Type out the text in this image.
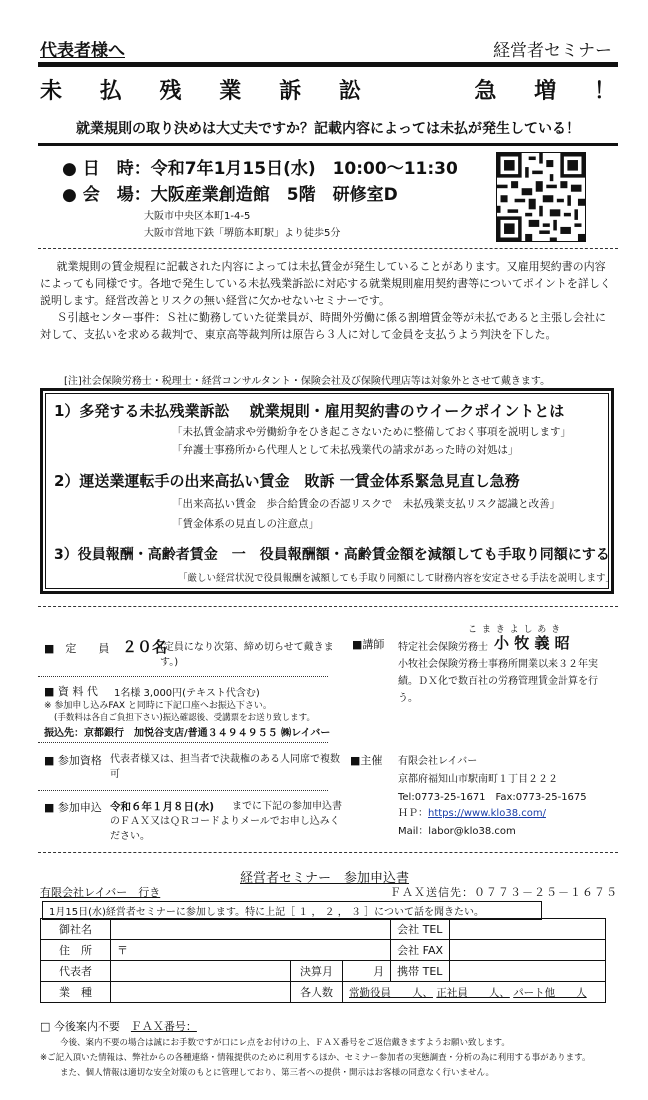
代表者様へ	経営者セミナー
未 払 残 業 訴 訟	急 増 ！
就業規則の取り決めは大丈夫ですか？記載内容によっては未払が発生している！
● 日　時：令和7年1月15日(水)　10:00〜11:30
● 会　場：大阪産業創造館　5階　研修室D
大阪市中央区本町1-4-5
大阪市営地下鉄「堺筋本町駅」より徒歩5分

就業規則の賃金規程に記載された内容によっては未払賃金が発生していることがあります。又雇用契約書の内容によっても同様です。各地で発生している未払残業訴訟に対応する就業規則雇用契約書等についてポイントを詳しく説明します。経営改善とリスクの無い経営に欠かせないセミナーです。

Ｓ引越センター事件：Ｓ社に勤務していた従業員が、時間外労働に係る割増賃金等が未払であると主張し会社に対して、支払いを求める裁判で、東京高等裁判所は原告ら３人に対して金員を支払うよう判決を下した。

[注]社会保険労務士・税理士・経営コンサルタント・保険会社及び保険代理店等は対象外とさせて戴きます。
1）多発する未払残業訴訟　 就業規則・雇用契約書のウイークポイントとは
「未払賃金請求や労働紛争をひき起こさないために整備しておく事項を説明します」
「弁護士事務所から代理人として未払残業代の請求があった時の対処は」
2）運送業運転手の出来高払い賃金　敗訴 一賃金体系緊急見直し急務
「出来高払い賃金　歩合給賃金の否認リスクで　未払残業支払リスク認識と改善」
「賃金体系の見直しの注意点」
3）役員報酬・高齢者賃金　一　役員報酬額・高齢賃金額を減額しても手取り同額にする
「厳しい経営状況で役員報酬を減額しても手取り同額にして財務内容を安定させる手法を説明します」
■　定　　員 ２０名
(定員になり次第、締め切らせて戴きます。)
■ 資 料 代 1名様 3,000円(テキスト代含む)
※ 参加申し込みFAX と同時に下記口座へお振込下さい。
(手数料は各自ご負担下さい)振込確認後、受講票をお送り致します。
振込先：京都銀行　加悦谷支店/普通３４９４９５５ ㈱レイバー
■ 参加資格 代表者様又は、担当者で決裁権のある人同席で複数可
■ 参加申込 令和６年１月８日(水)	までに下記の参加申込書のＦＡＸ又はＱＲコードよりメールでお申し込みください。
こ ま き よ し あ き
■講師 特定社会保険労務士 小 牧 義 昭
小牧社会保険労務士事務所開業以来３２年実績。ＤＸ化で数百社の労務管理賃金計算を行う。
■主催 有限会社レイバー
京都府福知山市駅南町１丁目２２２
Tel:0773-25-1671　Fax:0773-25-1675
ＨＰ：https://www.klo38.com/
Mail：labor@klo38.com
経営者セミナー　参加申込書
有限会社レイバー　行き	ＦＡＸ送信先：０７７３－２５－１６７５
1月15日(水)経営者セミナーに参加します。特に上記［ １ ， ２ ， ３ ］について話を聞きたい。
御社名				会社 TEL	
住　所	〒			会社 FAX	
代表者		決算月	月	携帯 TEL	
業　種		各人数	常勤役員　　人、 正社員　　人、 パート他　　人		
□ 今後案内不要　 ＦＡＸ番号：
今後、案内不要の場合は誠にお手数ですが口にレ点をお付けの上、ＦＡＸ番号をご返信戴きますようお願い致します。
※ご記入頂いた情報は、弊社からの各種連絡・情報提供のために利用するほか、セミナー参加者の実態調査・分析の為に利用する事があります。
また、個人情報は適切な安全対策のもとに管理しており、第三者への提供・開示はお客様の同意なく行いません。
